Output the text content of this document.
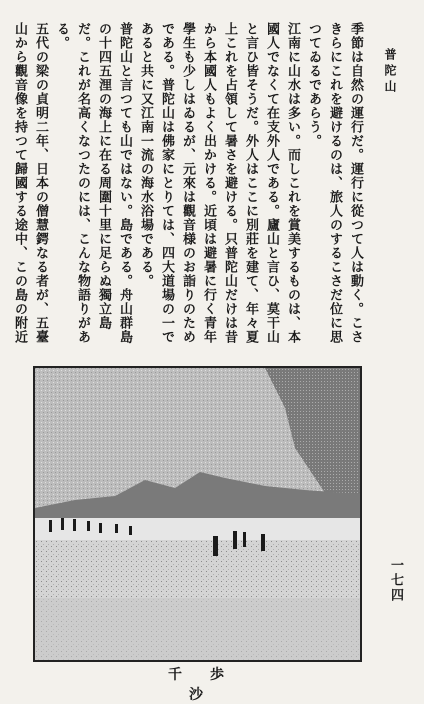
普陀山

季節は自然の運行だ。運行に從つて人は動く。こさきらにこれを避けるのは、旅人のするこさだ位に思つてゐるであらう。

江南に山水は多い。而しこれを賞美するものは、本國人でなくて在支外人である。廬山と言ひ、莫干山と言ひ皆そうだ。外人はここに別莊を建て、年々夏上これを占領して暑さを避ける。只普陀山だけは昔から本國人もよく出かける。近頃は避暑に行く青年學生も少しはゐるが、元來は觀音様のお詣りのためである。普陀山は佛家にとりては、四大道場の一であると共に又江南一流の海水浴場である。

普陀山と言つても山ではない。島である。舟山群島の十四五浬の海上に在る周圍十里に足らぬ獨立島だ。これが名高くなつたのには、こんな物語りがある。

五代の梁の貞明二年、日本の僧慧鍔なる者が、五臺山から觀音像を持つて歸國する途中、この島の附近

千歩沙
一七四
